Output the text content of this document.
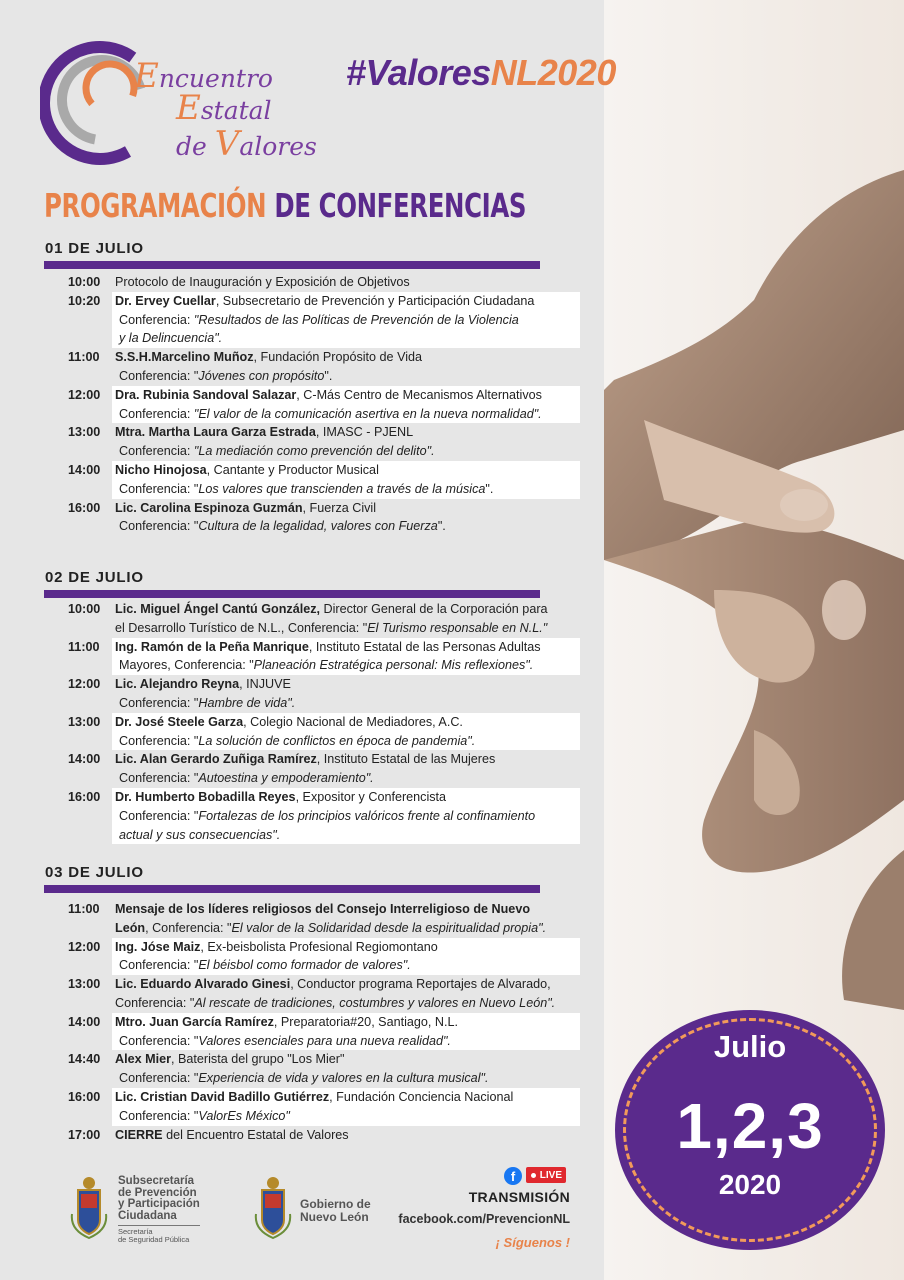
Encuentro
Estatal
de Valores
#ValoresNL2020
PROGRAMACIÓN DE CONFERENCIAS
01 DE JULIO
10:00 Protocolo de Inauguración y Exposición de Objetivos
10:20 Dr. Ervey Cuellar, Subsecretario de Prevención y Participación Ciudadana
Conferencia: "Resultados de las Políticas de Prevención de la Violencia
y la Delincuencia".
11:00 S.S.H.Marcelino Muñoz, Fundación Propósito de Vida
Conferencia: "Jóvenes con propósito".
12:00 Dra. Rubinia Sandoval Salazar, C-Más Centro de Mecanismos Alternativos
Conferencia: "El valor de la comunicación asertiva en la nueva normalidad".
13:00 Mtra. Martha Laura Garza Estrada, IMASC - PJENL
Conferencia: "La mediación como prevención del delito".
14:00 Nicho Hinojosa, Cantante y Productor Musical
Conferencia: "Los valores que transcienden a través de la música".
16:00 Lic. Carolina Espinoza Guzmán, Fuerza Civil
Conferencia: "Cultura de la legalidad, valores con Fuerza".
02 DE JULIO
10:00 Lic. Miguel Ángel Cantú González, Director General de la Corporación para
el Desarrollo Turístico de N.L., Conferencia: "El Turismo responsable en N.L."
11:00 Ing. Ramón de la Peña Manrique, Instituto Estatal de las Personas Adultas
Mayores, Conferencia: "Planeación Estratégica personal: Mis reflexiones".
12:00 Lic. Alejandro Reyna, INJUVE
Conferencia: "Hambre de vida".
13:00 Dr. José Steele Garza, Colegio Nacional de Mediadores, A.C.
Conferencia: "La solución de conflictos en época de pandemia".
14:00 Lic. Alan Gerardo Zuñiga Ramírez, Instituto Estatal de las Mujeres
Conferencia: "Autoestina y empoderamiento".
16:00 Dr. Humberto Bobadilla Reyes, Expositor y Conferencista
Conferencia: "Fortalezas de los principios valóricos frente al confinamiento
actual y sus consecuencias".
03 DE JULIO
11:00 Mensaje de los líderes religiosos del Consejo Interreligioso de Nuevo
León, Conferencia: "El valor de la Solidaridad desde la espiritualidad propia".
12:00 Ing. Jóse Maiz, Ex-beisbolista Profesional Regiomontano
Conferencia: "El béisbol como formador de valores".
13:00 Lic. Eduardo Alvarado Ginesi, Conductor programa Reportajes de Alvarado,
Conferencia: "Al rescate de tradiciones, costumbres y valores en Nuevo León".
14:00 Mtro. Juan García Ramírez, Preparatoria#20, Santiago, N.L.
Conferencia: "Valores esenciales para una nueva realidad".
14:40 Alex Mier, Baterista del grupo "Los Mier"
Conferencia: "Experiencia de vida y valores en la cultura musical".
16:00 Lic. Cristian David Badillo Gutiérrez, Fundación Conciencia Nacional
Conferencia: "ValorEs México"
17:00 CIERRE del Encuentro Estatal de Valores
Subsecretaría
de Prevención
y Participación
Ciudadana
Secretaría
de Seguridad Pública
Gobierno de
Nuevo León
f	LIVE
TRANSMISIÓN
facebook.com/PrevencionNL
¡ Síguenos !
Julio
1,2,3
2020
